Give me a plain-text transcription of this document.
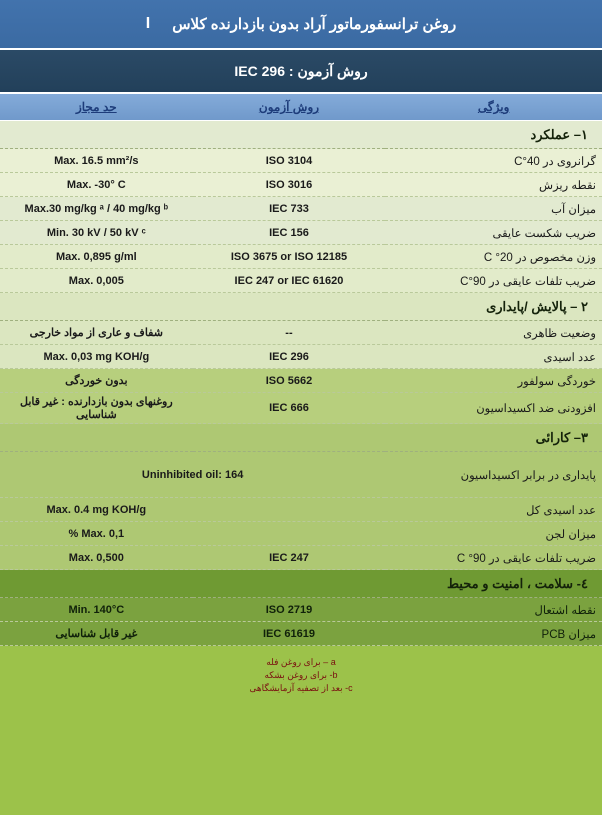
روغن ترانسفورماتور آراد بدون بازدارنده کلاس
I
روش آزمون : IEC 296
ویژگی	روش آزمون	حد مجاز
١– عملکرد		
گرانروی در C°40	ISO 3104	Max. 16.5 mm²/s
نقطه ریزش	ISO 3016	Max. -30° C
میزان آب	IEC 733	Max.30 mg/kg ᵃ / 40 mg/kg ᵇ
ضریب شکست عایقی	IEC 156	Min. 30 kV / 50 kV ᶜ
وزن مخصوص در C °20	ISO 3675 or ISO 12185	Max. 0,895 g/ml
ضریب تلفات عایقی در 90°C	IEC 247 or IEC 61620	Max. 0,005
٢ – پالایش /پایداری		
وضعیت ظاهری	--	شفاف و عاری از مواد خارجی
عدد اسیدی	IEC 296	Max. 0,03 mg KOH/g
خوردگی سولفور	ISO 5662	بدون خوردگی
افزودنی ضد اکسیداسیون	IEC 666	روغنهای بدون بازدارنده : غیر قابل شناسایی
٣– کارائی		
پایداری در برابر اکسیداسیون	Uninhibited oil: 164	
عدد اسیدی کل		Max. 0.4 mg KOH/g
میزان لجن		Max. 0,1 %
ضریب تلفات عایقی در C °90	IEC 247	Max. 0,500
٤- سلامت ، امنیت و محیط		
نقطه اشتعال	ISO 2719	Min. 140°C
میزان PCB	IEC 61619	غیر قابل شناسایی
a – برای روغن فله
b- برای روغن بشکه
c- بعد از تصفیه آزمایشگاهی
